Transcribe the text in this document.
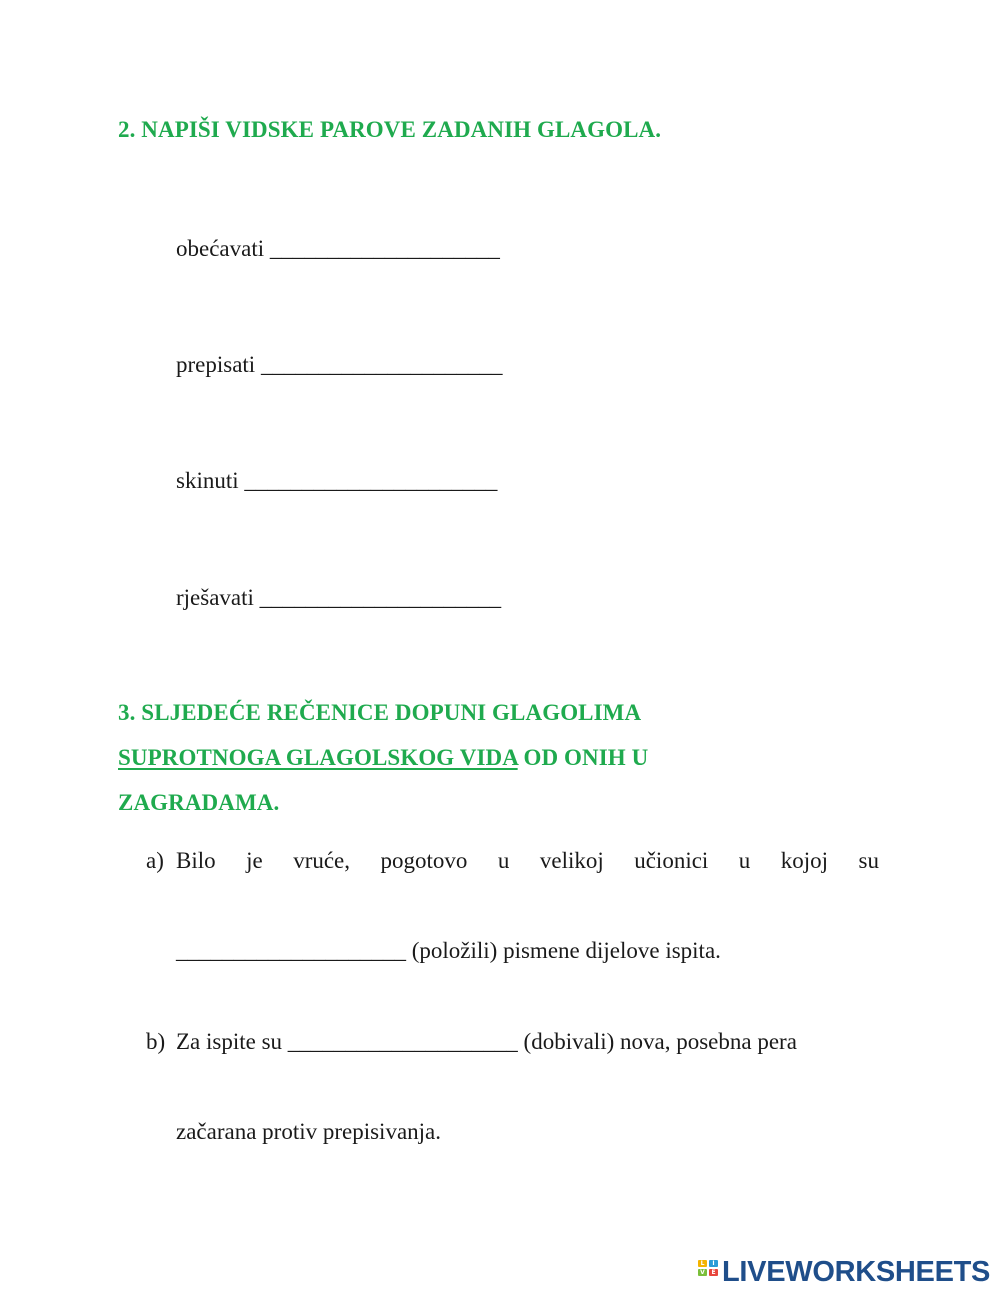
2. NAPIŠI VIDSKE PAROVE ZADANIH GLAGOLA.
obećavati ____________________
prepisati _____________________
skinuti ______________________
rješavati _____________________
3. SLJEDEĆE REČENICE DOPUNI GLAGOLIMA
SUPROTNOGA GLAGOLSKOG VIDA OD ONIH U
ZAGRADAMA.
a) Bilo je vruće, pogotovo u velikoj učionici u kojoj su
____________________ (položili) pismene dijelove ispita.
b) Za ispite su ____________________ (dobivali) nova, posebna pera
začarana protiv prepisivanja.
L	I
V	E LIVEWORKSHEETS
